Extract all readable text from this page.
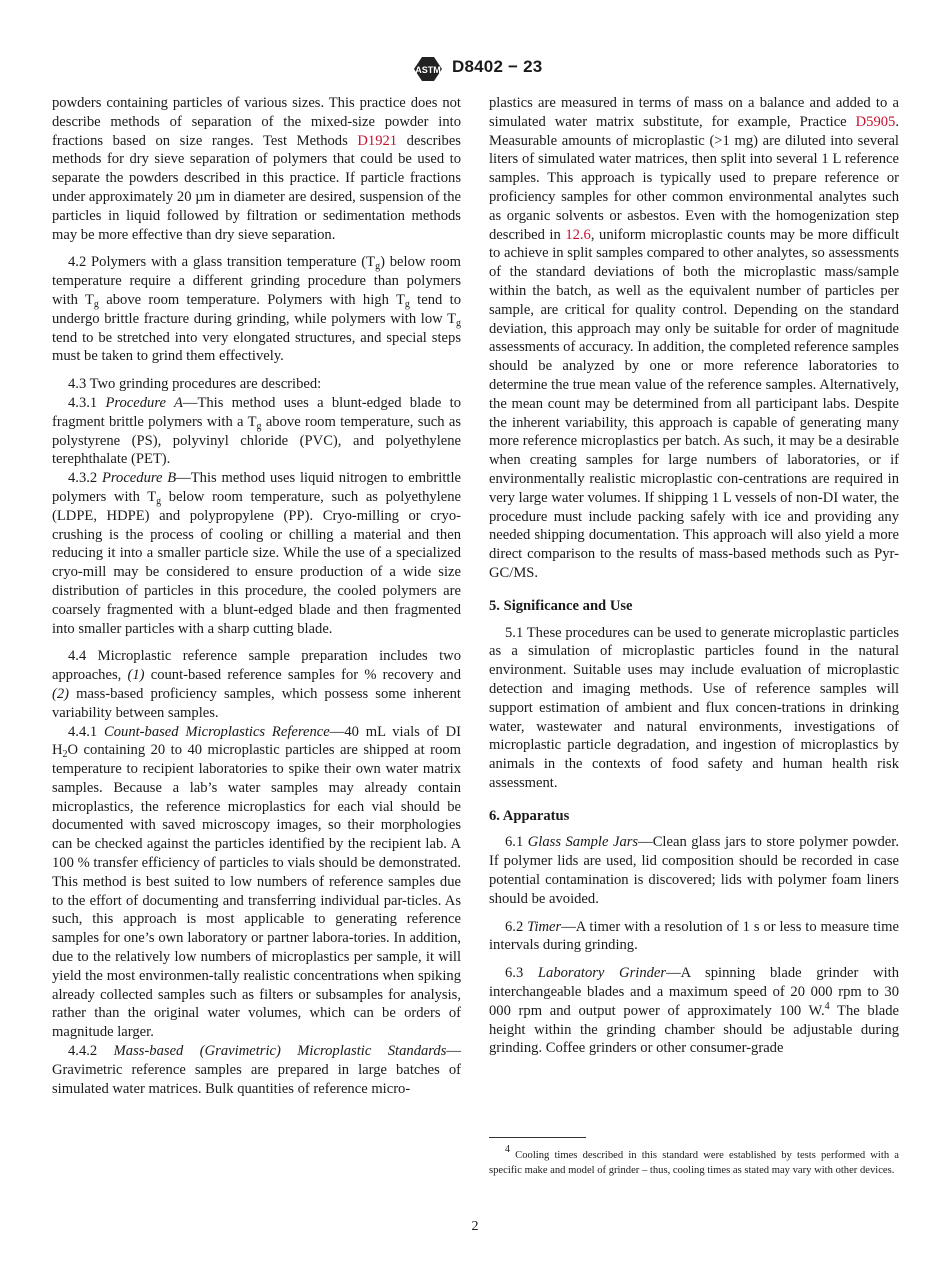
ASTM D8402 − 23

powders containing particles of various sizes. This practice does not describe methods of separation of the mixed-size powder into fractions based on size ranges. Test Methods D1921 describes methods for dry sieve separation of polymers that could be used to separate the powders described in this practice. If particle fractions under approximately 20 µm in diameter are desired, suspension of the particles in liquid followed by filtration or sedimentation methods may be more effective than dry sieve separation.

4.2 Polymers with a glass transition temperature $(T_g)$ below room temperature require a different grinding procedure than polymers with $T_g$ above room temperature. Polymers with high $T_g$ tend to undergo brittle fracture during grinding, while polymers with low $T_g$ tend to be stretched into very elongated structures, and special steps must be taken to grind them effectively.

4.3 Two grinding procedures are described:

4.3.1 Procedure A—This method uses a blunt-edged blade to fragment brittle polymers with a $T_g$ above room temperature, such as polystyrene (PS), polyvinyl chloride (PVC), and polyethylene terephthalate (PET).

4.3.2 Procedure B—This method uses liquid nitrogen to embrittle polymers with $T_g$ below room temperature, such as polyethylene (LDPE, HDPE) and polypropylene (PP). Cryo-milling or cryo-crushing is the process of cooling or chilling a material and then reducing it into a smaller particle size. While the use of a specialized cryo-mill may be considered to ensure production of a wide size distribution of particles in this procedure, the cooled polymers are coarsely fragmented with a blunt-edged blade and then fragmented into smaller particles with a sharp cutting blade.

4.4 Microplastic reference sample preparation includes two approaches, (1) count-based reference samples for % recovery and (2) mass-based proficiency samples, which possess some inherent variability between samples.

4.4.1 Count-based Microplastics Reference—40 mL vials of DI $H_2O$ containing 20 to 40 microplastic particles are shipped at room temperature to recipient laboratories to spike their own water matrix samples. Because a lab’s water samples may already contain microplastics, the reference microplastics for each vial should be documented with saved microscopy images, so their morphologies can be checked against the particles identified by the recipient lab. A 100 % transfer efficiency of particles to vials should be demonstrated. This method is best suited to low numbers of reference samples due to the effort of documenting and transferring individual par-ticles. As such, this approach is most applicable to generating reference samples for one’s own laboratory or partner labora-tories. In addition, due to the relatively low numbers of microplastics per sample, it will yield the most environmen-tally realistic concentrations when spiking already collected samples such as filters or subsamples for analysis, rather than the original water volumes, which can be orders of magnitude larger.

4.4.2 Mass-based (Gravimetric) Microplastic Standards—Gravimetric reference samples are prepared in large batches of simulated water matrices. Bulk quantities of reference micro-

plastics are measured in terms of mass on a balance and added to a simulated water matrix substitute, for example, Practice D5905. Measurable amounts of microplastic (>1 mg) are diluted into several liters of simulated water matrices, then split into several 1 L reference samples. This approach is typically used to prepare reference or proficiency samples for other common environmental analytes such as organic solvents or asbestos. Even with the homogenization step described in 12.6, uniform microplastic counts may be more difficult to achieve in split samples compared to other analytes, so assessments of the standard deviations of both the microplastic mass/sample within the batch, as well as the equivalent number of particles per sample, are critical for quality control. Depending on the standard deviation, this approach may only be suitable for order of magnitude assessments of accuracy. In addition, the completed reference samples should be analyzed by one or more reference laboratories to determine the true mean value of the reference samples. Alternatively, the mean count may be determined from all participant labs. Despite the inherent variability, this approach is capable of generating many more reference microplastics per batch. As such, it may be a desirable when creating samples for large numbers of laboratories, or if environmentally realistic microplastic con-centrations are required in very large water volumes. If shipping 1 L vessels of non-DI water, the procedure must include packing safely with ice and providing any needed shipping documentation. This approach will also yield a more direct comparison to the results of mass-based methods such as Pyr-GC/MS.

5. Significance and Use

5.1 These procedures can be used to generate microplastic particles as a simulation of microplastic particles found in the natural environment. Suitable uses may include evaluation of microplastic detection and imaging methods. Use of reference samples will support estimation of ambient and flux concen-trations in drinking water, wastewater and natural environments, investigations of microplastic particle degradation, and ingestion of microplastics by animals in the contexts of food safety and human health risk assessment.

6. Apparatus

6.1 Glass Sample Jars—Clean glass jars to store polymer powder. If polymer lids are used, lid composition should be recorded in case potential contamination is discovered; lids with polymer foam liners should be avoided.

6.2 Timer—A timer with a resolution of 1 s or less to measure time intervals during grinding.

6.3 Laboratory Grinder—A spinning blade grinder with interchangeable blades and a maximum speed of 20 000 rpm to 30 000 rpm and output power of approximately 100 W.$^4$ The blade height within the grinding chamber should be adjustable during grinding. Coffee grinders or other consumer-grade

$^4$ Cooling times described in this standard were established by tests performed with a specific make and model of grinder – thus, cooling times as stated may vary with other devices.
2
